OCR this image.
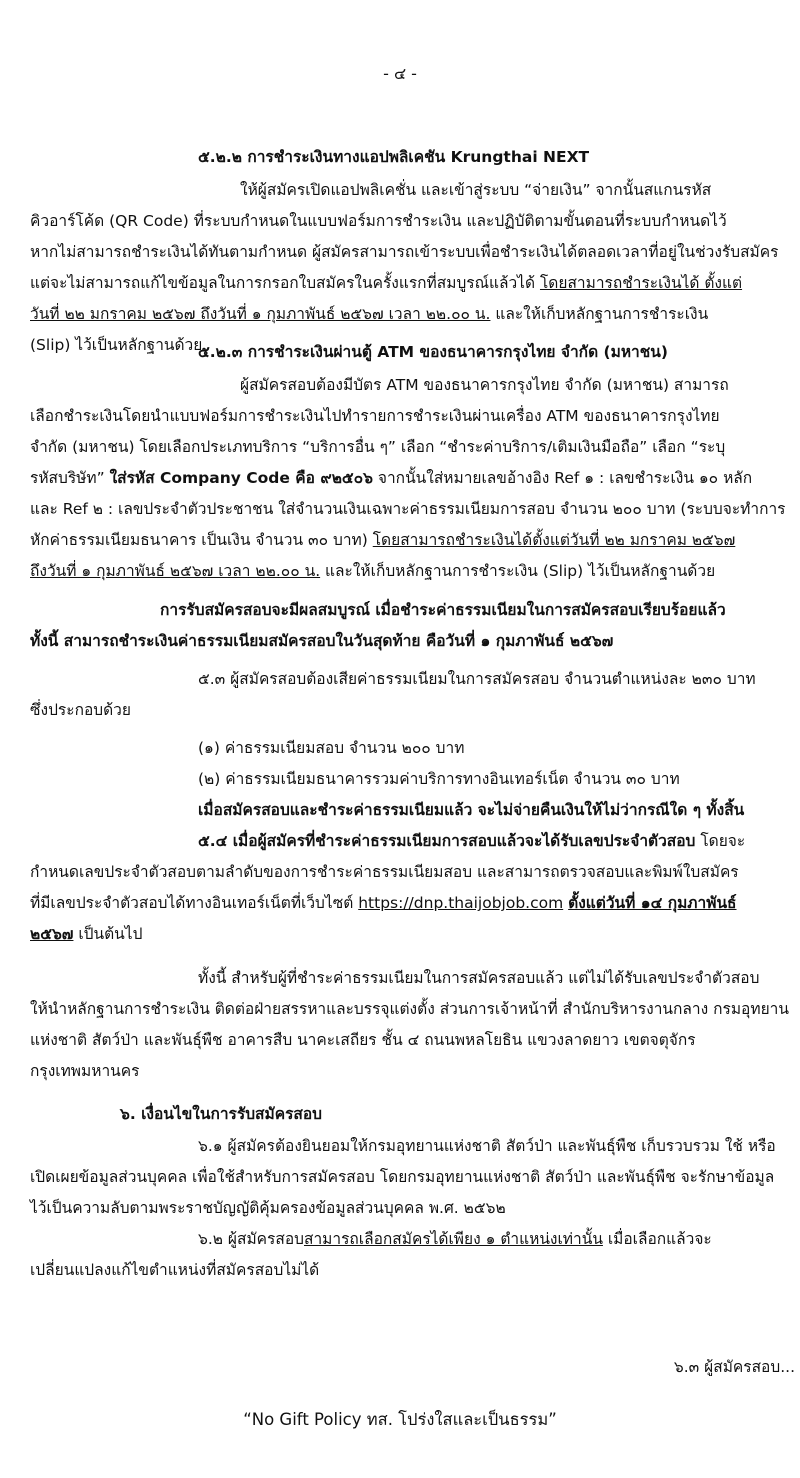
- ๔ -
๕.๒.๒ การชำระเงินทางแอปพลิเคชัน Krungthai NEXT
ให้ผู้สมัครเปิดแอปพลิเคชั่น และเข้าสู่ระบบ “จ่ายเงิน” จากนั้นสแกนรหัส
คิวอาร์โค้ด (QR Code) ที่ระบบกำหนดในแบบฟอร์มการชำระเงิน และปฏิบัติตามขั้นตอนที่ระบบกำหนดไว้
หากไม่สามารถชำระเงินได้ทันตามกำหนด ผู้สมัครสามารถเข้าระบบเพื่อชำระเงินได้ตลอดเวลาที่อยู่ในช่วงรับสมัคร
แต่จะไม่สามารถแก้ไขข้อมูลในการกรอกใบสมัครในครั้งแรกที่สมบูรณ์แล้วได้ โดยสามารถชำระเงินได้ ตั้งแต่
วันที่ ๒๒ มกราคม ๒๕๖๗ ถึงวันที่ ๑ กุมภาพันธ์ ๒๕๖๗ เวลา ๒๒.๐๐ น. และให้เก็บหลักฐานการชำระเงิน
(Slip) ไว้เป็นหลักฐานด้วย
๕.๒.๓ การชำระเงินผ่านตู้ ATM ของธนาคารกรุงไทย จำกัด (มหาชน)
ผู้สมัครสอบต้องมีบัตร ATM ของธนาคารกรุงไทย จำกัด (มหาชน) สามารถ
เลือกชำระเงินโดยนำแบบฟอร์มการชำระเงินไปทำรายการชำระเงินผ่านเครื่อง ATM ของธนาคารกรุงไทย
จำกัด (มหาชน) โดยเลือกประเภทบริการ “บริการอื่น ๆ” เลือก “ชำระค่าบริการ/เติมเงินมือถือ” เลือก “ระบุ
รหัสบริษัท” ใส่รหัส Company Code คือ ๙๒๕๐๖ จากนั้นใส่หมายเลขอ้างอิง Ref ๑ : เลขชำระเงิน ๑๐ หลัก
และ Ref ๒ : เลขประจำตัวประชาชน ใส่จำนวนเงินเฉพาะค่าธรรมเนียมการสอบ จำนวน ๒๐๐ บาท (ระบบจะทำการ
หักค่าธรรมเนียมธนาคาร เป็นเงิน จำนวน ๓๐ บาท) โดยสามารถชำระเงินได้ตั้งแต่วันที่ ๒๒ มกราคม ๒๕๖๗
ถึงวันที่ ๑ กุมภาพันธ์ ๒๕๖๗ เวลา ๒๒.๐๐ น. และให้เก็บหลักฐานการชำระเงิน (Slip) ไว้เป็นหลักฐานด้วย
การรับสมัครสอบจะมีผลสมบูรณ์ เมื่อชำระค่าธรรมเนียมในการสมัครสอบเรียบร้อยแล้ว
ทั้งนี้ สามารถชำระเงินค่าธรรมเนียมสมัครสอบในวันสุดท้าย คือวันที่ ๑ กุมภาพันธ์ ๒๕๖๗
๕.๓ ผู้สมัครสอบต้องเสียค่าธรรมเนียมในการสมัครสอบ จำนวนตำแหน่งละ ๒๓๐ บาท
ซึ่งประกอบด้วย
(๑) ค่าธรรมเนียมสอบ จำนวน ๒๐๐ บาท
(๒) ค่าธรรมเนียมธนาคารรวมค่าบริการทางอินเทอร์เน็ต จำนวน ๓๐ บาท
เมื่อสมัครสอบและชำระค่าธรรมเนียมแล้ว จะไม่จ่ายคืนเงินให้ไม่ว่ากรณีใด ๆ ทั้งสิ้น
๕.๔ เมื่อผู้สมัครที่ชำระค่าธรรมเนียมการสอบแล้วจะได้รับเลขประจำตัวสอบ โดยจะ
กำหนดเลขประจำตัวสอบตามลำดับของการชำระค่าธรรมเนียมสอบ และสามารถตรวจสอบและพิมพ์ใบสมัคร
ที่มีเลขประจำตัวสอบได้ทางอินเทอร์เน็ตที่เว็บไซต์ https://dnp.thaijobjob.com ตั้งแต่วันที่ ๑๔ กุมภาพันธ์
๒๕๖๗ เป็นต้นไป
ทั้งนี้ สำหรับผู้ที่ชำระค่าธรรมเนียมในการสมัครสอบแล้ว แต่ไม่ได้รับเลขประจำตัวสอบ
ให้นำหลักฐานการชำระเงิน ติดต่อฝ่ายสรรหาและบรรจุแต่งตั้ง ส่วนการเจ้าหน้าที่ สำนักบริหารงานกลาง กรมอุทยาน
แห่งชาติ สัตว์ป่า และพันธุ์พืช อาคารสืบ นาคะเสถียร ชั้น ๔ ถนนพหลโยธิน แขวงลาดยาว เขตจตุจักร
กรุงเทพมหานคร
๖. เงื่อนไขในการรับสมัครสอบ
๖.๑ ผู้สมัครต้องยินยอมให้กรมอุทยานแห่งชาติ สัตว์ป่า และพันธุ์พืช เก็บรวบรวม ใช้ หรือ
เปิดเผยข้อมูลส่วนบุคคล เพื่อใช้สำหรับการสมัครสอบ โดยกรมอุทยานแห่งชาติ สัตว์ป่า และพันธุ์พืช จะรักษาข้อมูล
ไว้เป็นความลับตามพระราชบัญญัติคุ้มครองข้อมูลส่วนบุคคล พ.ศ. ๒๕๖๒
๖.๒ ผู้สมัครสอบสามารถเลือกสมัครได้เพียง ๑ ตำแหน่งเท่านั้น เมื่อเลือกแล้วจะ
เปลี่ยนแปลงแก้ไขตำแหน่งที่สมัครสอบไม่ได้
๖.๓ ผู้สมัครสอบ...
“No Gift Policy ทส. โปร่งใสและเป็นธรรม”
